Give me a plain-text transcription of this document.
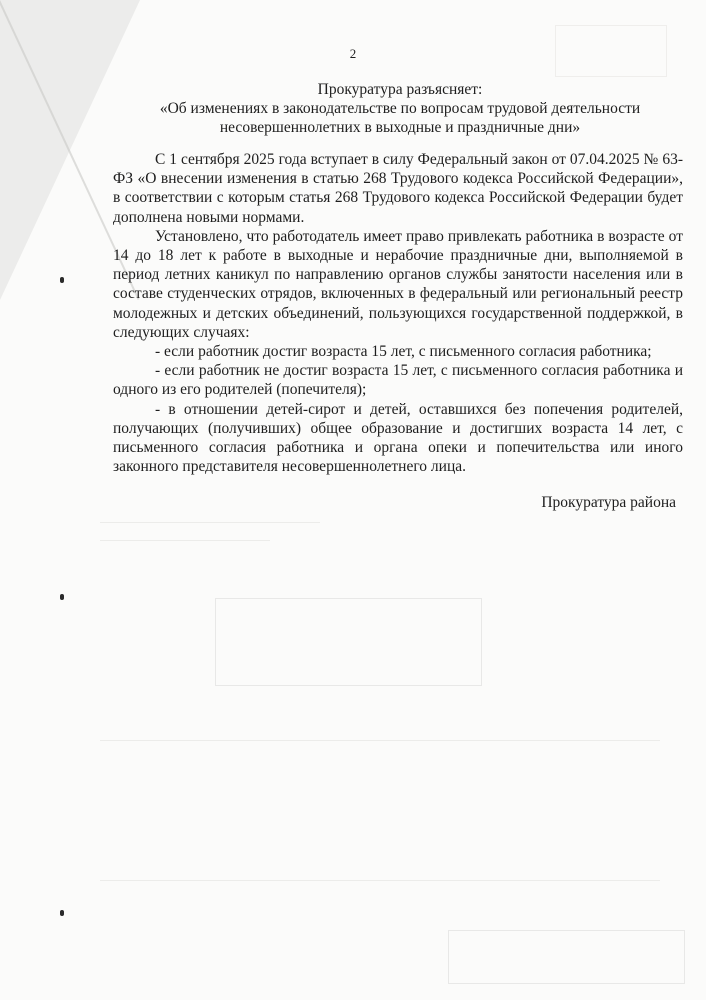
2
Прокуратура разъясняет:
«Об изменениях в законодательстве по вопросам трудовой деятельности
несовершеннолетних в выходные и праздничные дни»

С 1 сентября 2025 года вступает в силу Федеральный закон от 07.04.2025 № 63-ФЗ «О внесении изменения в статью 268 Трудового кодекса Российской Федерации», в соответствии с которым статья 268 Трудового кодекса Российской Федерации будет дополнена новыми нормами.

Установлено, что работодатель имеет право привлекать работника в возрасте от 14 до 18 лет к работе в выходные и нерабочие праздничные дни, выполняемой в период летних каникул по направлению органов службы занятости населения или в составе студенческих отрядов, включенных в федеральный или региональный реестр молодежных и детских объединений, пользующихся государственной поддержкой, в следующих случаях:

- если работник достиг возраста 15 лет, с письменного согласия работника;

- если работник не достиг возраста 15 лет, с письменного согласия работника и одного из его родителей (попечителя);

- в отношении детей-сирот и детей, оставшихся без попечения родителей, получающих (получивших) общее образование и достигших возраста 14 лет, с письменного согласия работника и органа опеки и попечительства или иного законного представителя несовершеннолетнего лица.

Прокуратура района
